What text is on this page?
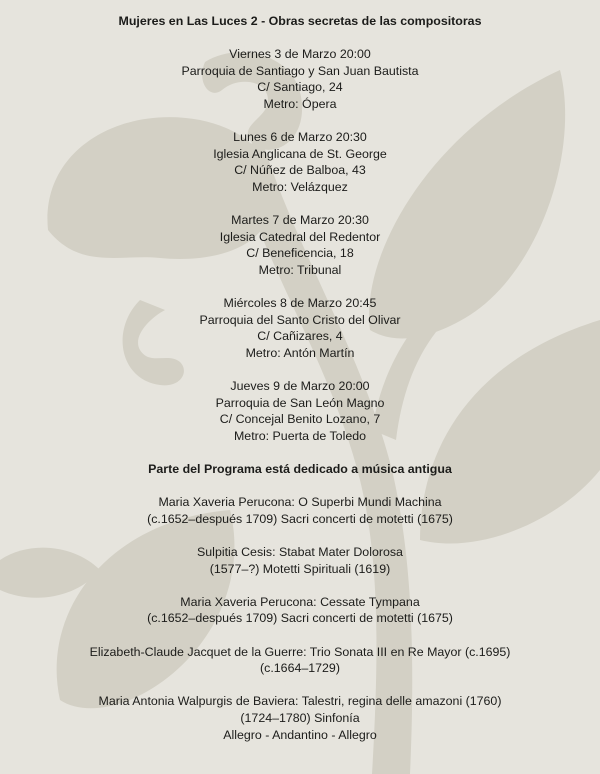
Mujeres en Las Luces 2 - Obras secretas de las compositoras

Viernes 3 de Marzo 20:00

Parroquia de Santiago y San Juan Bautista

C/ Santiago, 24

Metro: Ópera

Lunes 6 de Marzo 20:30

Iglesia Anglicana de St. George

C/ Núñez de Balboa, 43

Metro: Velázquez

Martes 7 de Marzo 20:30

Iglesia Catedral del Redentor

C/ Beneficencia, 18

Metro: Tribunal

Miércoles 8 de Marzo 20:45

Parroquia del Santo Cristo del Olivar

C/ Cañizares, 4

Metro: Antón Martín

Jueves 9 de Marzo 20:00

Parroquia de San León Magno

C/ Concejal Benito Lozano, 7

Metro: Puerta de Toledo

Parte del Programa está dedicado a música antigua

Maria Xaveria Perucona: O Superbi Mundi Machina

(c.1652–después 1709) Sacri concerti de motetti (1675)

Sulpitia Cesis: Stabat Mater Dolorosa

(1577–?) Motetti Spirituali (1619)

Maria Xaveria Perucona: Cessate Tympana

(c.1652–después 1709) Sacri concerti de motetti (1675)

Elizabeth-Claude Jacquet de la Guerre: Trio Sonata III en Re Mayor (c.1695)

(c.1664–1729)

Maria Antonia Walpurgis de Baviera: Talestri, regina delle amazoni (1760)

(1724–1780) Sinfonía

Allegro - Andantino - Allegro
